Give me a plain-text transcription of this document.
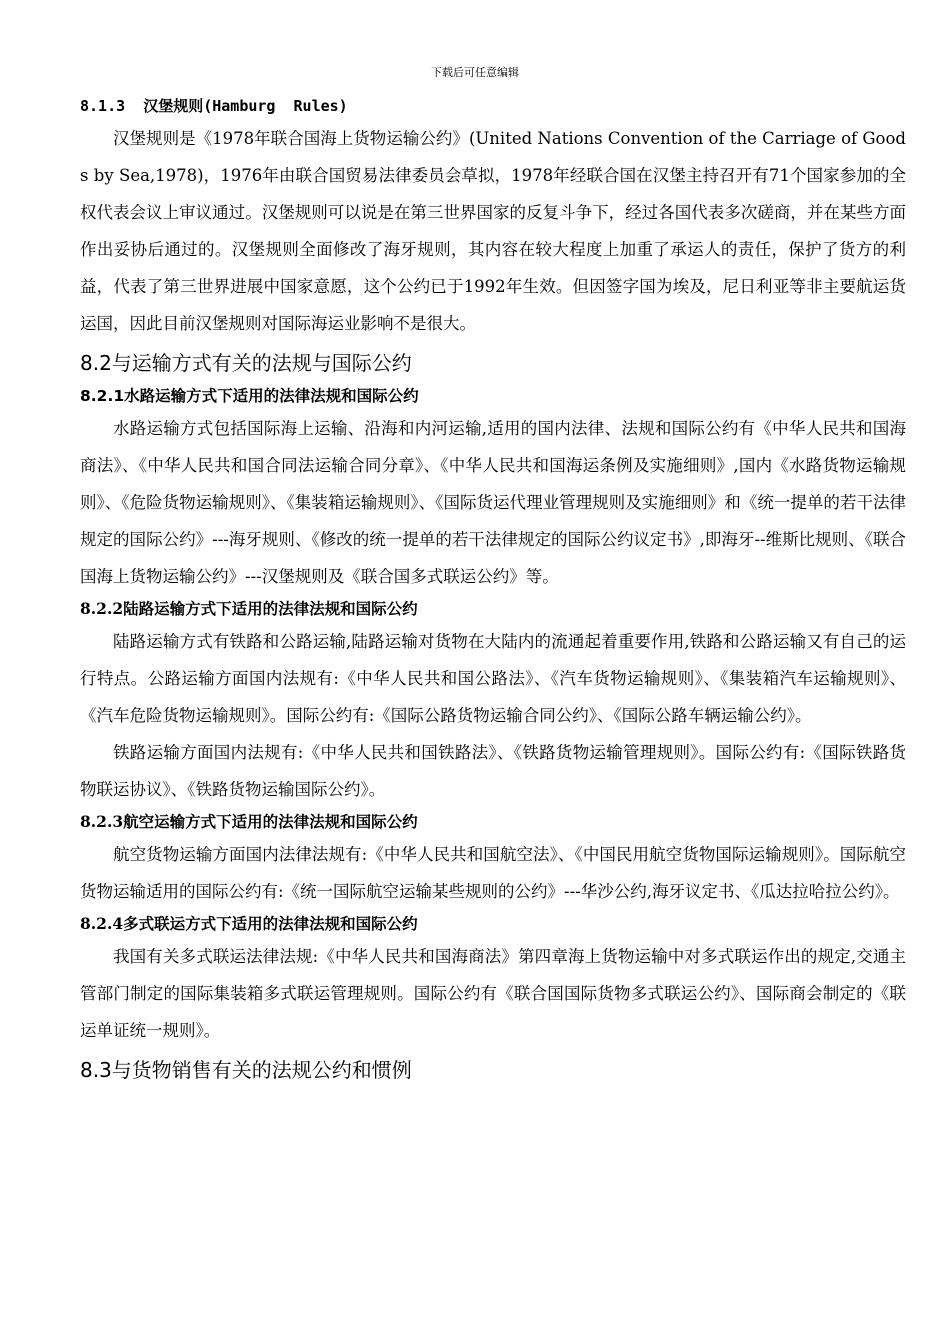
下载后可任意编辑
8.1.3  汉堡规则(Hamburg  Rules)

汉堡规则是《1978年联合国海上货物运输公约》(United Nations Convention of the Carriage of Goods by Sea,1978)，1976年由联合国贸易法律委员会草拟，1978年经联合国在汉堡主持召开有71个国家参加的全权代表会议上审议通过。汉堡规则可以说是在第三世界国家的反复斗争下，经过各国代表多次磋商，并在某些方面作出妥协后通过的。汉堡规则全面修改了海牙规则，其内容在较大程度上加重了承运人的责任，保护了货方的利益，代表了第三世界进展中国家意愿，这个公约已于1992年生效。但因签字国为埃及，尼日利亚等非主要航运货运国，因此目前汉堡规则对国际海运业影响不是很大。

8.2与运输方式有关的法规与国际公约
8.2.1水路运输方式下适用的法律法规和国际公约

水路运输方式包括国际海上运输、沿海和内河运输,适用的国内法律、法规和国际公约有《中华人民共和国海商法》、《中华人民共和国合同法运输合同分章》、《中华人民共和国海运条例及实施细则》,国内《水路货物运输规则》、《危险货物运输规则》、《集装箱运输规则》、《国际货运代理业管理规则及实施细则》和《统一提单的若干法律规定的国际公约》---海牙规则、《修改的统一提单的若干法律规定的国际公约议定书》,即海牙--维斯比规则、《联合国海上货物运输公约》---汉堡规则及《联合国多式联运公约》等。

8.2.2陆路运输方式下适用的法律法规和国际公约

陆路运输方式有铁路和公路运输,陆路运输对货物在大陆内的流通起着重要作用,铁路和公路运输又有自己的运行特点。公路运输方面国内法规有:《中华人民共和国公路法》、《汽车货物运输规则》、《集装箱汽车运输规则》、《汽车危险货物运输规则》。国际公约有:《国际公路货物运输合同公约》、《国际公路车辆运输公约》。

铁路运输方面国内法规有:《中华人民共和国铁路法》、《铁路货物运输管理规则》。国际公约有:《国际铁路货物联运协议》、《铁路货物运输国际公约》。

8.2.3航空运输方式下适用的法律法规和国际公约

航空货物运输方面国内法律法规有:《中华人民共和国航空法》、《中国民用航空货物国际运输规则》。国际航空货物运输适用的国际公约有:《统一国际航空运输某些规则的公约》---华沙公约,海牙议定书、《瓜达拉哈拉公约》。

8.2.4多式联运方式下适用的法律法规和国际公约

我国有关多式联运法律法规:《中华人民共和国海商法》第四章海上货物运输中对多式联运作出的规定,交通主管部门制定的国际集装箱多式联运管理规则。国际公约有《联合国国际货物多式联运公约》、国际商会制定的《联运单证统一规则》。

8.3与货物销售有关的法规公约和惯例
